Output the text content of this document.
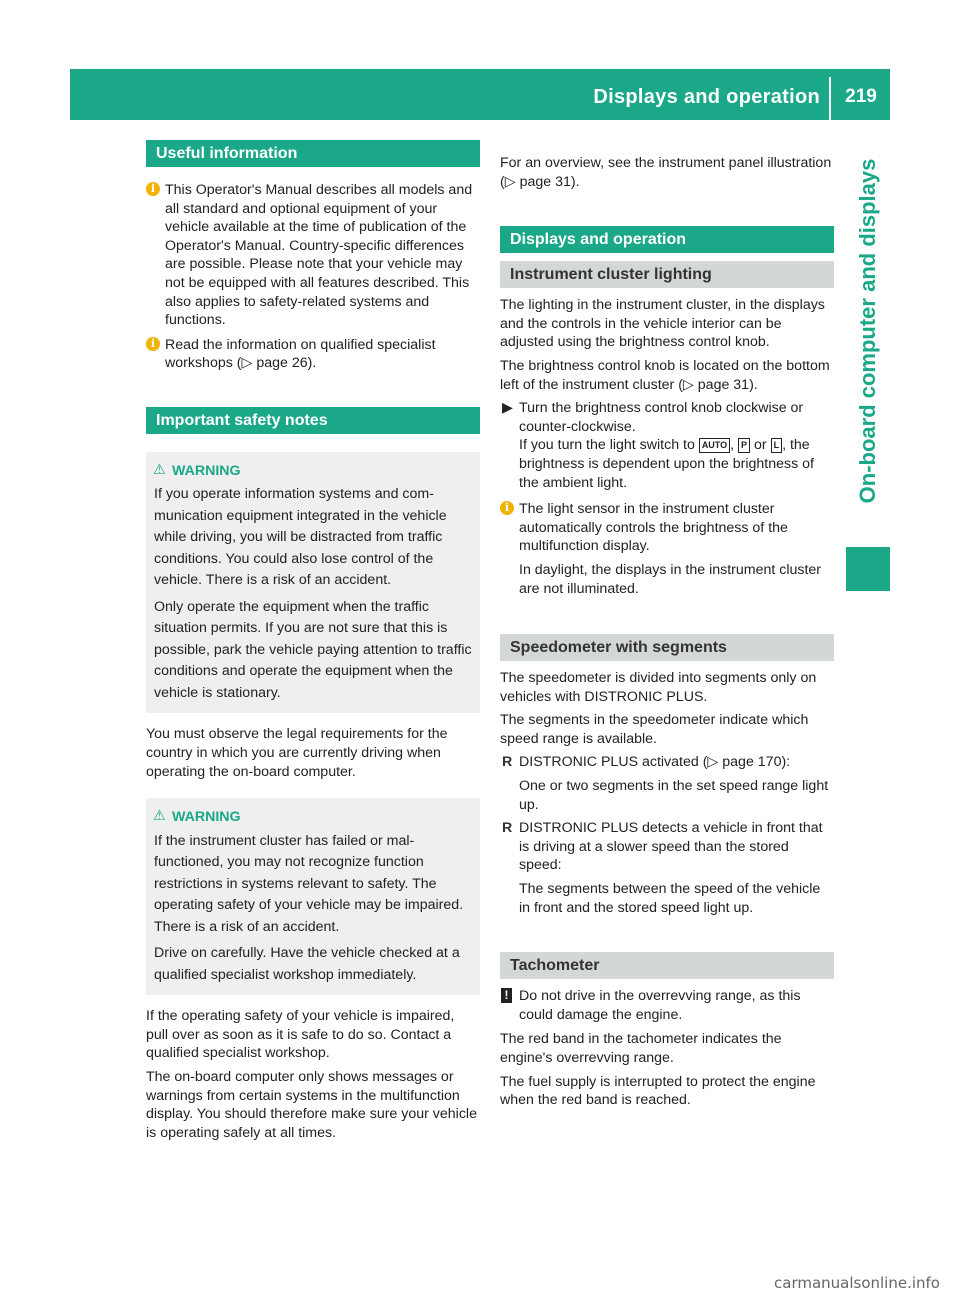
Displays and operation	219
On-board computer and displays
Useful information
i This Operator's Manual describes all models and all standard and optional equipment of your vehicle available at the time of publication of the Operator's Manual. Country-specific differences are possible. Please note that your vehicle may not be equipped with all features described. This also applies to safety-related systems and functions.
i Read the information on qualified specialist workshops (▷ page 26).
Important safety notes
⚠ WARNING

If you operate information systems and communication equipment integrated in the vehicle while driving, you will be distracted from traffic conditions. You could also lose control of the vehicle. There is a risk of an accident.

Only operate the equipment when the traffic situation permits. If you are not sure that this is possible, park the vehicle paying attention to traffic conditions and operate the equipment when the vehicle is stationary.

You must observe the legal requirements for the country in which you are currently driving when operating the on-board computer.

⚠ WARNING

If the instrument cluster has failed or malfunctioned, you may not recognize function restrictions in systems relevant to safety. The operating safety of your vehicle may be impaired. There is a risk of an accident.

Drive on carefully. Have the vehicle checked at a qualified specialist workshop immediately.

If the operating safety of your vehicle is impaired, pull over as soon as it is safe to do so. Contact a qualified specialist workshop.

The on-board computer only shows messages or warnings from certain systems in the multifunction display. You should therefore make sure your vehicle is operating safely at all times.

For an overview, see the instrument panel illustration (▷ page 31).

Displays and operation
Instrument cluster lighting

The lighting in the instrument cluster, in the displays and the controls in the vehicle interior can be adjusted using the brightness control knob.

The brightness control knob is located on the bottom left of the instrument cluster (▷ page 31).

▶ Turn the brightness control knob clockwise or counter-clockwise.
If you turn the light switch to AUTO , P or L , the brightness is dependent upon the brightness of the ambient light.
i The light sensor in the instrument cluster automatically controls the brightness of the multifunction display.
In daylight, the displays in the instrument cluster are not illuminated.
Speedometer with segments

The speedometer is divided into segments only on vehicles with DISTRONIC PLUS.

The segments in the speedometer indicate which speed range is available.

R DISTRONIC PLUS activated (▷ page 170):
One or two segments in the set speed range light up.
R DISTRONIC PLUS detects a vehicle in front that is driving at a slower speed than the stored speed:
The segments between the speed of the vehicle in front and the stored speed light up.
Tachometer
! Do not drive in the overrevving range, as this could damage the engine.

The red band in the tachometer indicates the engine's overrevving range.

The fuel supply is interrupted to protect the engine when the red band is reached.

carmanualsonline.info
